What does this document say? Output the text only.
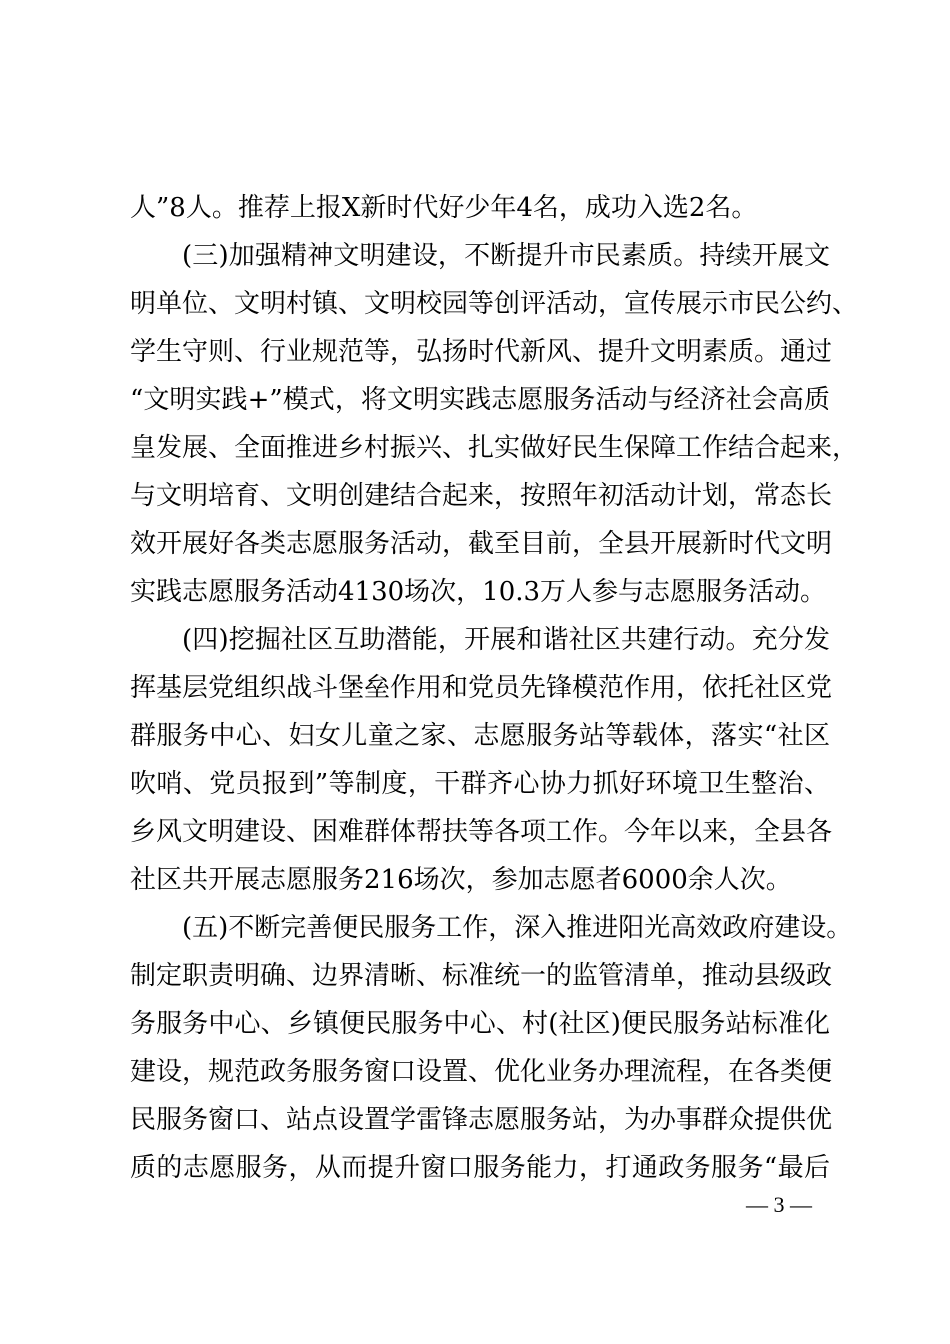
人”8人。推荐上报X新时代好少年4名，成功入选2名。
(三)加强精神文明建设，不断提升市民素质。持续开展文
明单位、文明村镇、文明校园等创评活动，宣传展示市民公约、
学生守则、行业规范等，弘扬时代新风、提升文明素质。通过
“文明实践+”模式，将文明实践志愿服务活动与经济社会高质
皇发展、全面推进乡村振兴、扎实做好民生保障工作结合起来，
与文明培育、文明创建结合起来，按照年初活动计划，常态长
效开展好各类志愿服务活动，截至目前，全县开展新时代文明
实践志愿服务活动4130场次，10.3万人参与志愿服务活动。
(四)挖掘社区互助潜能，开展和谐社区共建行动。充分发
挥基层党组织战斗堡垒作用和党员先锋模范作用，依托社区党
群服务中心、妇女儿童之家、志愿服务站等载体，落实“社区
吹哨、党员报到”等制度，干群齐心协力抓好环境卫生整治、
乡风文明建设、困难群体帮扶等各项工作。今年以来，全县各
社区共开展志愿服务216场次，参加志愿者6000余人次。
(五)不断完善便民服务工作，深入推进阳光高效政府建设。
制定职责明确、边界清晰、标准统一的监管清单，推动县级政
务服务中心、乡镇便民服务中心、村(社区)便民服务站标准化
建设，规范政务服务窗口设置、优化业务办理流程，在各类便
民服务窗口、站点设置学雷锋志愿服务站，为办事群众提供优
质的志愿服务，从而提升窗口服务能力，打通政务服务“最后
— 3 —
